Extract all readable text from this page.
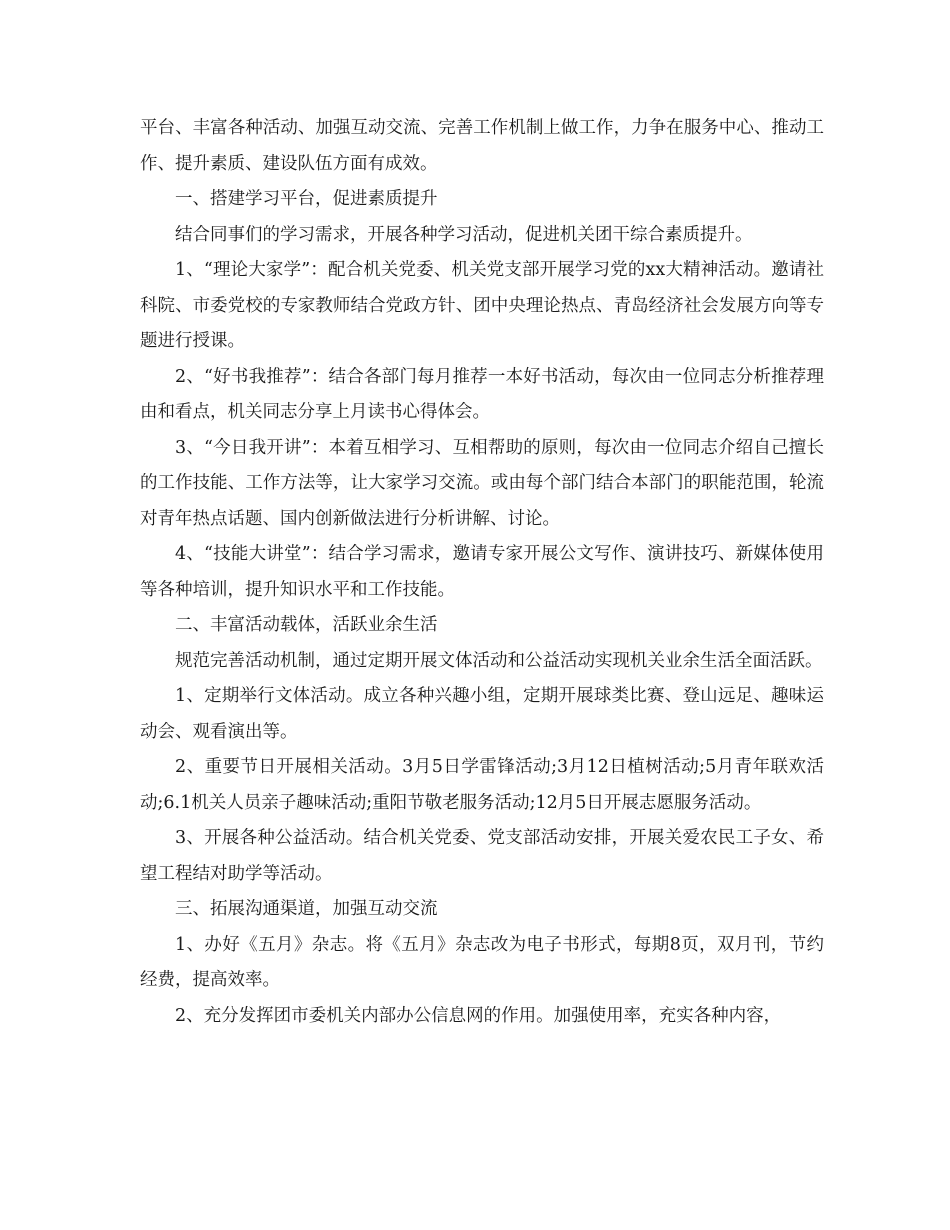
平台、丰富各种活动、加强互动交流、完善工作机制上做工作，力争在服务中心、推动工作、提升素质、建设队伍方面有成效。

一、搭建学习平台，促进素质提升

结合同事们的学习需求，开展各种学习活动，促进机关团干综合素质提升。

1、“理论大家学”：配合机关党委、机关党支部开展学习党的xx大精神活动。邀请社科院、市委党校的专家教师结合党政方针、团中央理论热点、青岛经济社会发展方向等专题进行授课。

2、“好书我推荐”：结合各部门每月推荐一本好书活动，每次由一位同志分析推荐理由和看点，机关同志分享上月读书心得体会。

3、“今日我开讲”：本着互相学习、互相帮助的原则，每次由一位同志介绍自己擅长的工作技能、工作方法等，让大家学习交流。或由每个部门结合本部门的职能范围，轮流对青年热点话题、国内创新做法进行分析讲解、讨论。

4、“技能大讲堂”：结合学习需求，邀请专家开展公文写作、演讲技巧、新媒体使用等各种培训，提升知识水平和工作技能。

二、丰富活动载体，活跃业余生活

规范完善活动机制，通过定期开展文体活动和公益活动实现机关业余生活全面活跃。

1、定期举行文体活动。成立各种兴趣小组，定期开展球类比赛、登山远足、趣味运动会、观看演出等。

2、重要节日开展相关活动。3月5日学雷锋活动;3月12日植树活动;5月青年联欢活动;6.1机关人员亲子趣味活动;重阳节敬老服务活动;12月5日开展志愿服务活动。

3、开展各种公益活动。结合机关党委、党支部活动安排，开展关爱农民工子女、希望工程结对助学等活动。

三、拓展沟通渠道，加强互动交流

1、办好《五月》杂志。将《五月》杂志改为电子书形式，每期8页，双月刊，节约经费，提高效率。

2、充分发挥团市委机关内部办公信息网的作用。加强使用率，充实各种内容，
